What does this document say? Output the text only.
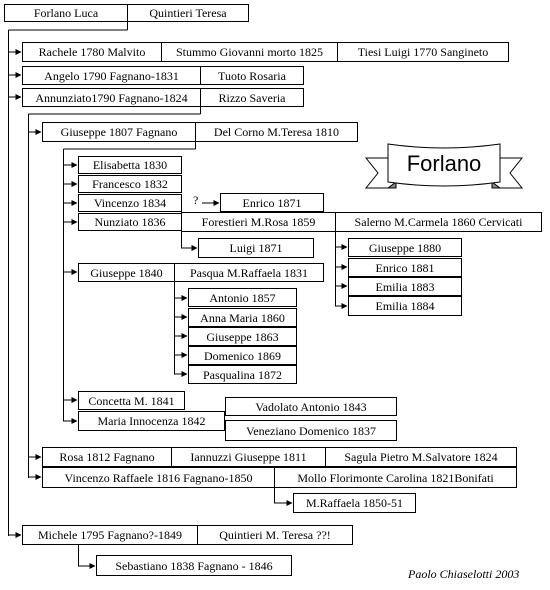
Forlano
Forlano Luca	Quintieri Teresa
Rachele 1780 Malvito	Stummo Giovanni morto 1825	Tiesi Luigi 1770 Sangineto
Angelo 1790 Fagnano-1831	Tuoto Rosaria
Annunziato1790 Fagnano-1824	Rizzo Saveria
Giuseppe 1807 Fagnano	Del Corno M.Teresa 1810
Elisabetta 1830
Francesco 1832
Vincenzo 1834	?	Enrico 1871
Nunziato 1836	Forestieri M.Rosa 1859	Salerno M.Carmela 1860 Cervicati
Luigi 1871	Giuseppe 1880
Enrico 1881
Emilia 1883
Emilia 1884
Giuseppe 1840	Pasqua M.Raffaela 1831
Antonio 1857
Anna Maria 1860
Giuseppe 1863
Domenico 1869
Pasqualina 1872
Concetta M. 1841	Vadolato Antonio 1843
Maria Innocenza 1842
Veneziano Domenico 1837
Rosa 1812 Fagnano	Iannuzzi Giuseppe 1811	Sagula Pietro M.Salvatore 1824
Vincenzo Raffaele 1816 Fagnano-1850	Mollo Florimonte Carolina 1821Bonifati
M.Raffaela 1850-51
Michele 1795 Fagnano?-1849	Quintieri M. Teresa ??!
Sebastiano 1838 Fagnano - 1846
Paolo Chiaselotti 2003
